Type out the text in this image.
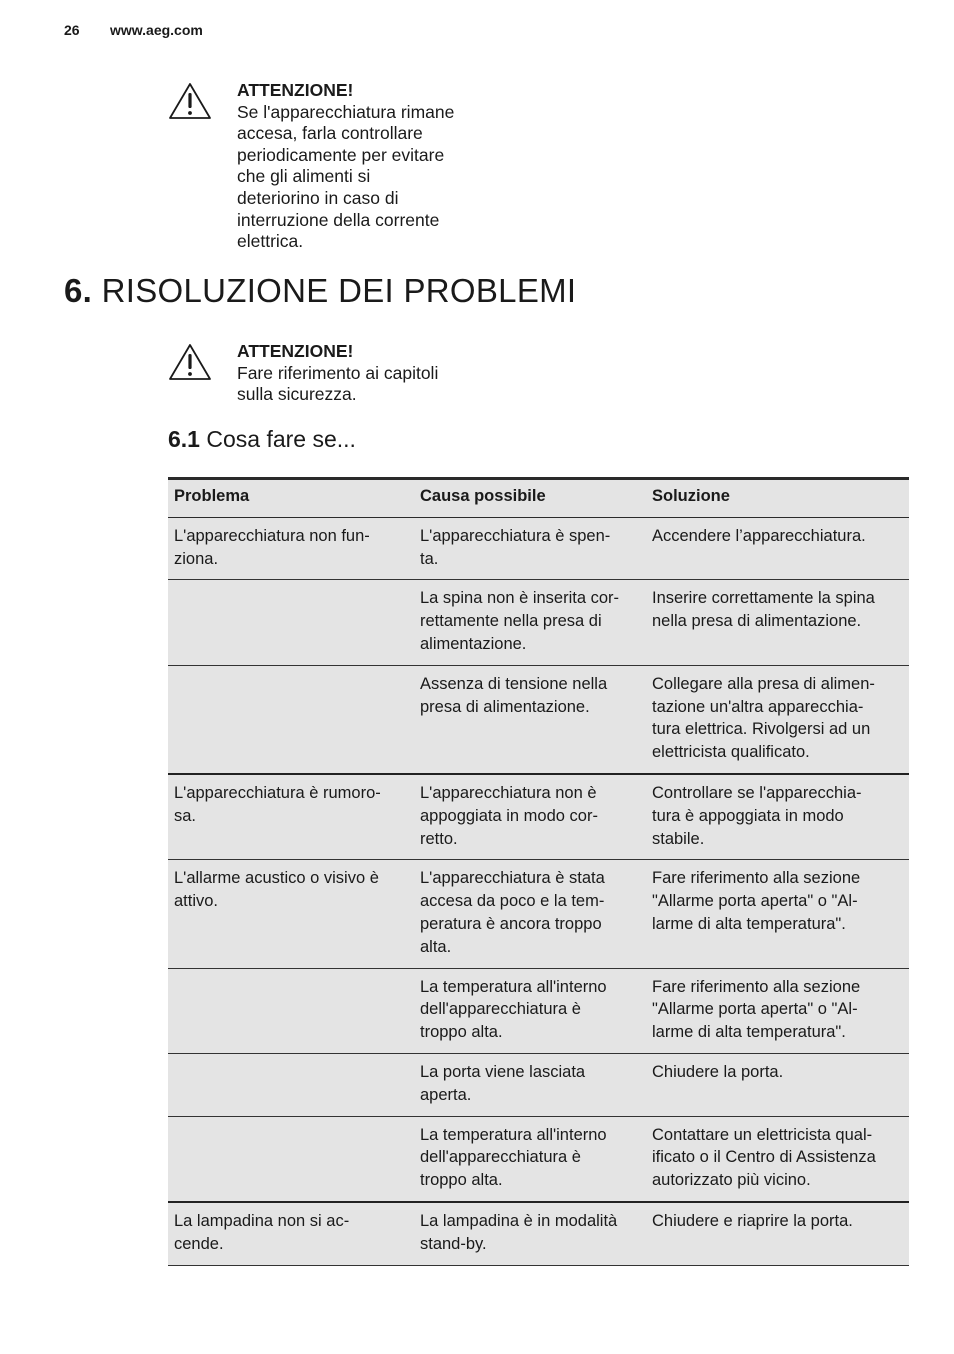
26 www.aeg.com
ATTENZIONE!
Se l'apparecchiatura rimane
accesa, farla controllare
periodicamente per evitare
che gli alimenti si
deteriorino in caso di
interruzione della corrente
elettrica.
6. RISOLUZIONE DEI PROBLEMI
ATTENZIONE!
Fare riferimento ai capitoli
sulla sicurezza.
6.1 Cosa fare se...
Problema	Causa possibile	Soluzione
L'apparecchiatura non fun-
ziona.	L'apparecchiatura è spen-
ta.	Accendere l’apparecchiatura.
	La spina non è inserita cor-
rettamente nella presa di
alimentazione.	Inserire correttamente la spina
nella presa di alimentazione.
	Assenza di tensione nella
presa di alimentazione.	Collegare alla presa di alimen-
tazione un'altra apparecchia-
tura elettrica. Rivolgersi ad un
elettricista qualificato.
L'apparecchiatura è rumoro-
sa.	L'apparecchiatura non è
appoggiata in modo cor-
retto.	Controllare se l'apparecchia-
tura è appoggiata in modo
stabile.
L'allarme acustico o visivo è
attivo.	L'apparecchiatura è stata
accesa da poco e la tem-
peratura è ancora troppo
alta.	Fare riferimento alla sezione
"Allarme porta aperta" o "Al-
larme di alta temperatura".
	La temperatura all'interno
dell'apparecchiatura è
troppo alta.	Fare riferimento alla sezione
"Allarme porta aperta" o "Al-
larme di alta temperatura".
	La porta viene lasciata
aperta.	Chiudere la porta.
	La temperatura all'interno
dell'apparecchiatura è
troppo alta.	Contattare un elettricista qual-
ificato o il Centro di Assistenza
autorizzato più vicino.
La lampadina non si ac-
cende.	La lampadina è in modalità
stand-by.	Chiudere e riaprire la porta.
